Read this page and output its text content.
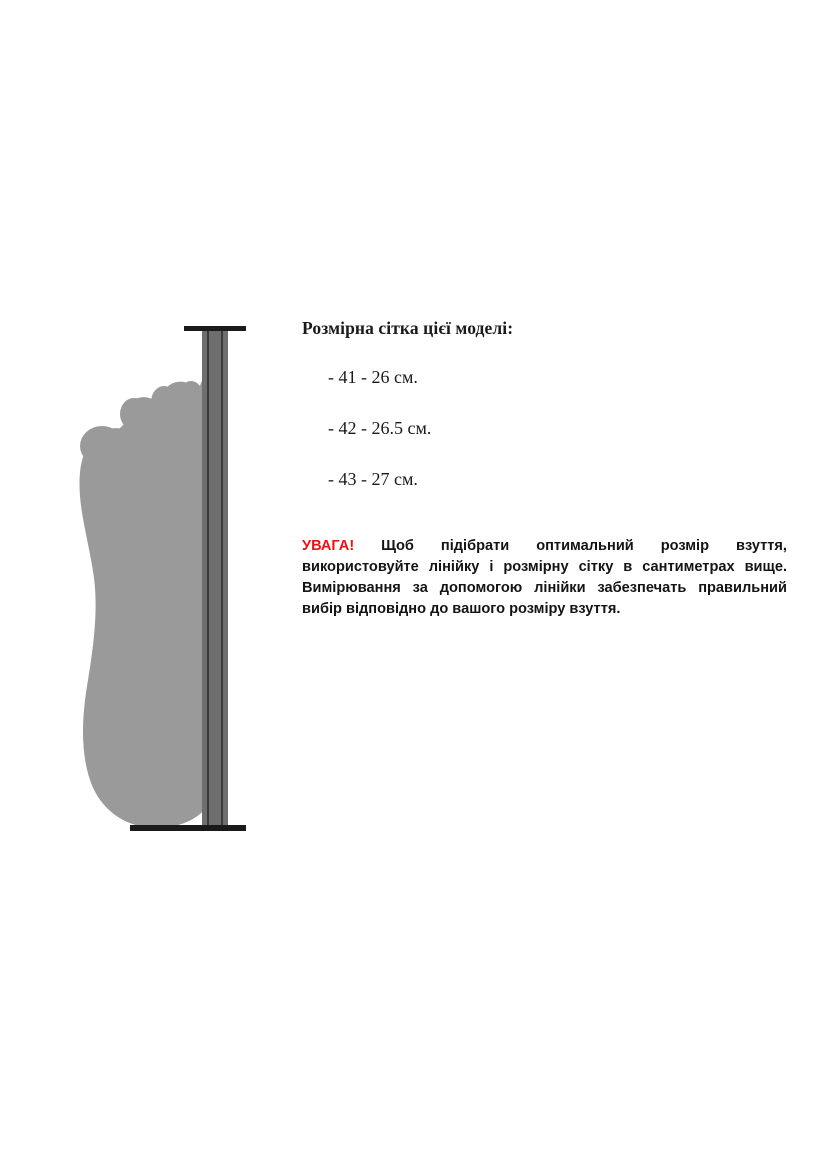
Розмірна сітка цієї моделі:
- 41 - 26 см.
- 42 - 26.5 см.
- 43 - 27 см.

УВАГА! Щоб підібрати оптимальний розмір взуття, використовуйте лінійку і розмірну сітку в сантиметрах вище. Вимірювання за допомогою лінійки забезпечать правильний вибір відповідно до вашого розміру взуття.
